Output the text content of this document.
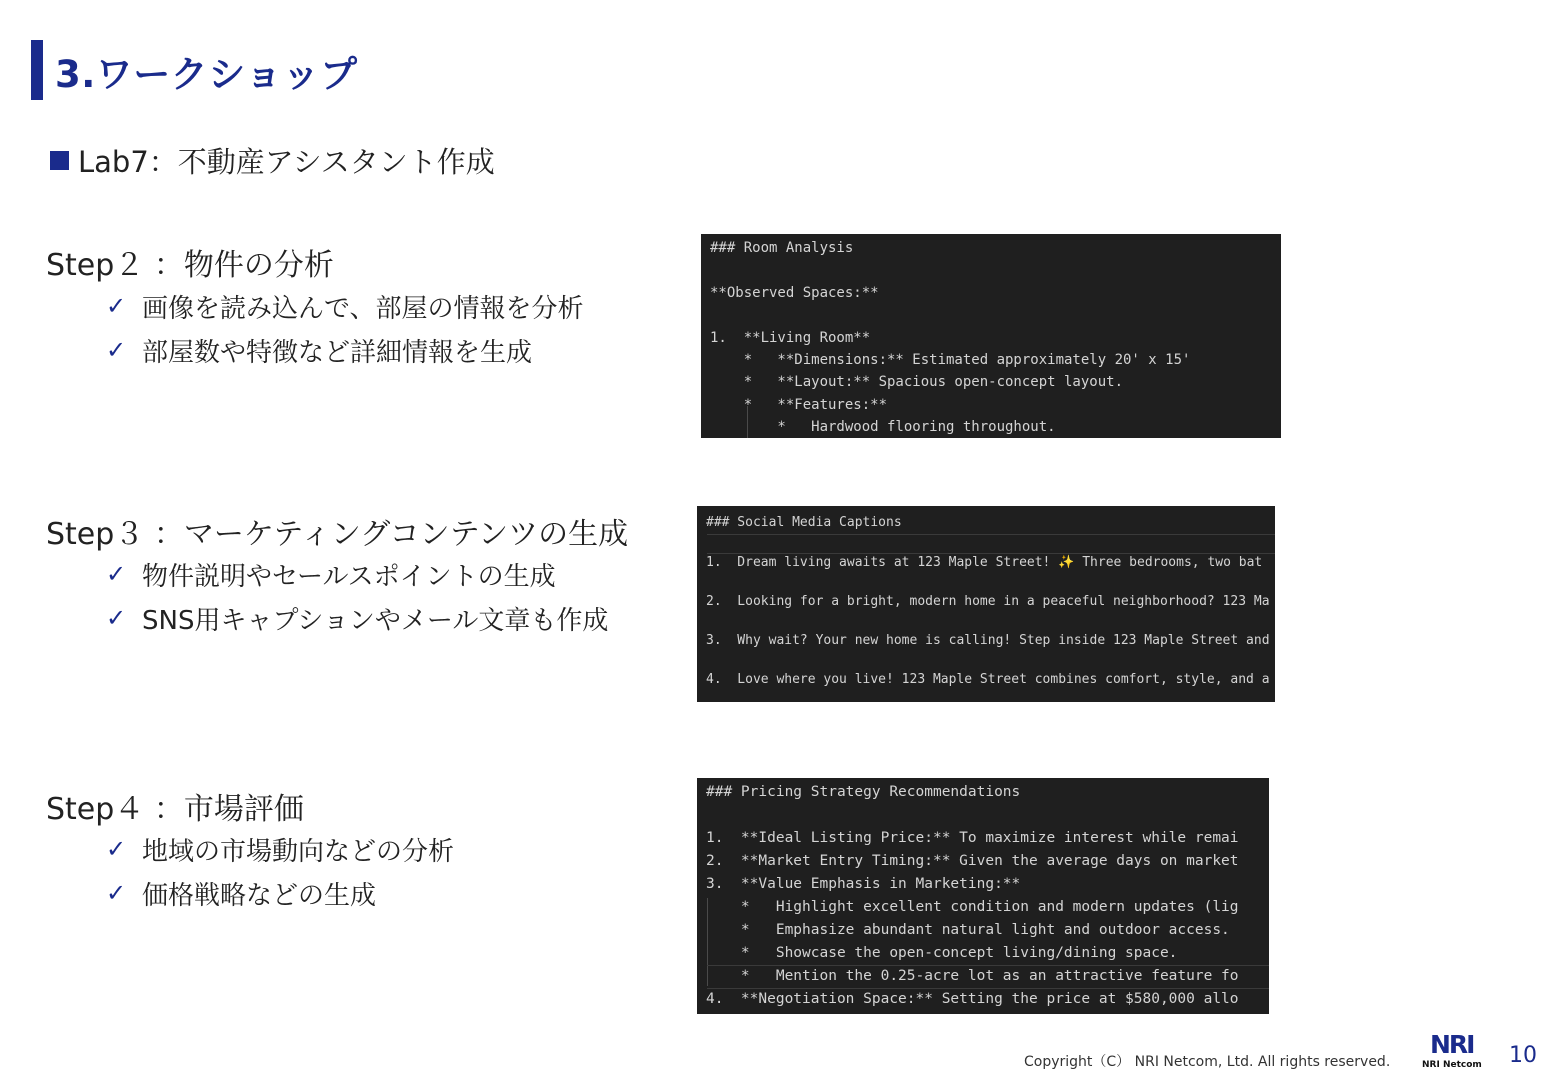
3.ワークショップ
Lab7：不動産アシスタント作成
Step２ ：物件の分析
✓ 画像を読み込んで、部屋の情報を分析
✓ 部屋数や特徴など詳細情報を生成
Step３ ：マーケティングコンテンツの生成
✓ 物件説明やセールスポイントの生成
✓ SNS用キャプションやメール文章も作成
Step４ ：市場評価
✓ 地域の市場動向などの分析
✓ 価格戦略などの生成

### Room Analysis

**Observed Spaces:**

1.  **Living Room**

*   **Dimensions:** Estimated approximately 20' x 15'

*   **Layout:** Spacious open-concept layout.

*   **Features:**

*   Hardwood flooring throughout.

### Social Media Captions

1.  Dream living awaits at 123 Maple Street! ✨ Three bedrooms, two bat

2.  Looking for a bright, modern home in a peaceful neighborhood? 123 Ma

3.  Why wait? Your new home is calling! Step inside 123 Maple Street and

4.  Love where you live! 123 Maple Street combines comfort, style, and a

### Pricing Strategy Recommendations

1.  **Ideal Listing Price:** To maximize interest while remai

2.  **Market Entry Timing:** Given the average days on market

3.  **Value Emphasis in Marketing:**

*   Highlight excellent condition and modern updates (lig

*   Emphasize abundant natural light and outdoor access.

*   Showcase the open-concept living/dining space.

*   Mention the 0.25-acre lot as an attractive feature fo

4.  **Negotiation Space:** Setting the price at $580,000 allo

Copyright（C） NRI Netcom, Ltd. All rights reserved.
NRI
NRI Netcom 10
